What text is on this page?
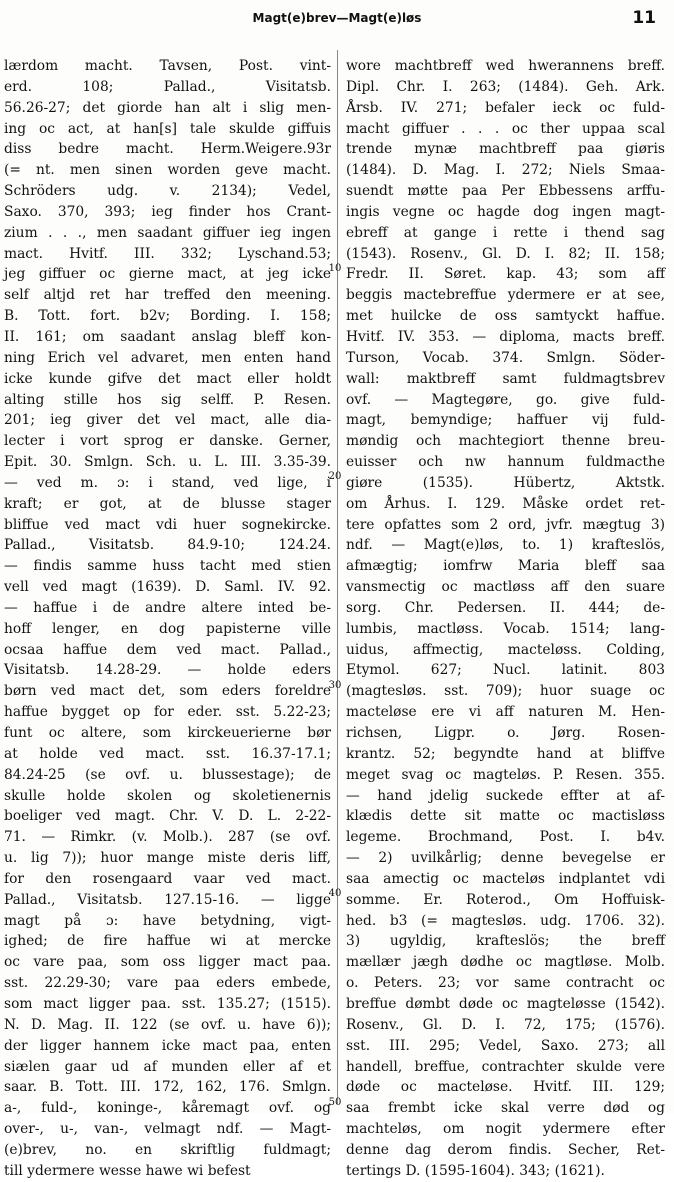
Magt(e)brev—Magt(e)løs	11
lærdom macht. Tavsen, Post. vint-
erd. 108; Pallad., Visitatsb.
56.26-27; det giorde han alt i slig men-
ing oc act, at han[s] tale skulde giffuis
diss bedre macht. Herm.Weigere.93r
(= nt. men sinen worden geve macht.
Schröders udg. v. 2134); Vedel,
Saxo. 370, 393; ieg finder hos Crant-
zium . . ., men saadant giffuer ieg ingen
mact. Hvitf. III. 332; Lyschand.53;
jeg giffuer oc gierne mact, at jeg icke
self altjd ret har treffed den meening.
B. Tott. fort. b2v; Bording. I. 158;
II. 161; om saadant anslag bleff kon-
ning Erich vel advaret, men enten hand
icke kunde gifve det mact eller holdt
alting stille hos sig selff. P. Resen.
201; ieg giver det vel mact, alle dia-
lecter i vort sprog er danske. Gerner,
Epit. 30. Smlgn. Sch. u. L. III. 3.35-39.
— ved m. ɔ: i stand, ved lige, i
kraft; er got, at de blusse stager
bliffue ved mact vdi huer sognekircke.
Pallad., Visitatsb. 84.9-10; 124.24.
— findis samme huss tacht med stien
vell ved magt (1639). D. Saml. IV. 92.
— haffue i de andre altere inted be-
hoff lenger, en dog papisterne ville
ocsaa haffue dem ved mact. Pallad.,
Visitatsb. 14.28-29. — holde eders
børn ved mact det, som eders foreldre
haffue bygget op for eder. sst. 5.22-23;
funt oc altere, som kirckeuerierne bør
at holde ved mact. sst. 16.37-17.1;
84.24-25 (se ovf. u. blussestage); de
skulle holde skolen og skoletienernis
boeliger ved magt. Chr. V. D. L. 2-22-
71. — Rimkr. (v. Molb.). 287 (se ovf.
u. lig 7)); huor mange miste deris liff,
for den rosengaard vaar ved mact.
Pallad., Visitatsb. 127.15-16. — ligge
magt på ɔ: have betydning, vigt-
ighed; de fire haffue wi at mercke
oc vare paa, som oss ligger mact paa.
sst. 22.29-30; vare paa eders embede,
som mact ligger paa. sst. 135.27; (1515).
N. D. Mag. II. 122 (se ovf. u. have 6));
der ligger hannem icke mact paa, enten
siælen gaar ud af munden eller af et
saar. B. Tott. III. 172, 162, 176. Smlgn.
a-, fuld-, koninge-, kåremagt ovf. og
over-, u-, van-, velmagt ndf. — Magt-
(e)brev, no. en skriftlig fuldmagt;
till ydermere wesse hawe wi befest
wore machtbreff wed hwerannens breff.
Dipl. Chr. I. 263; (1484). Geh. Ark.
Årsb. IV. 271; befaler ieck oc fuld-
macht giffuer . . . oc ther uppaa scal
trende mynæ machtbreff paa giøris
(1484). D. Mag. I. 272; Niels Smaa-
suendt møtte paa Per Ebbessens arffu-
ingis vegne oc hagde dog ingen magt-
ebreff at gange i rette i thend sag
(1543). Rosenv., Gl. D. I. 82; II. 158;
Fredr. II. Søret. kap. 43; som aff
beggis mactebreffue ydermere er at see,
met huilcke de oss samtyckt haffue.
Hvitf. IV. 353. — diploma, macts breff.
Turson, Vocab. 374. Smlgn. Söder-
wall: maktbreff samt fuldmagtsbrev
ovf. — Magtegøre, go. give fuld-
magt, bemyndige; haffuer vij fuld-
møndig och machtegiort thenne breu-
euisser och nw hannum fuldmacthe
giøre (1535). Hübertz, Aktstk.
om Århus. I. 129. Måske ordet ret-
tere opfattes som 2 ord, jvfr. mægtug 3)
ndf. — Magt(e)løs, to. 1) krafteslös,
afmægtig; iomfrw Maria bleff saa
vansmectig oc mactløss aff den suare
sorg. Chr. Pedersen. II. 444; de-
lumbis, mactløss. Vocab. 1514; lang-
uidus, affmectig, macteløss. Colding,
Etymol. 627; Nucl. latinit. 803
(magtesløs. sst. 709); huor suage oc
macteløse ere vi aff naturen M. Hen-
richsen, Ligpr. o. Jørg. Rosen-
krantz. 52; begyndte hand at bliffve
meget svag oc magteløs. P. Resen. 355.
— hand jdelig suckede effter at af-
klædis dette sit matte oc mactisløss
legeme. Brochmand, Post. I. b4v.
— 2) uvilkårlig; denne bevegelse er
saa amectig oc macteløs indplantet vdi
somme. Er. Roterod., Om Hoffuisk-
hed. b3 (= magtesløs. udg. 1706. 32).
3) ugyldig, krafteslös; the breff
mællær jægh dødhe oc magtløse. Molb.
o. Peters. 23; vor same contracht oc
breffue dømbt døde oc magteløsse (1542).
Rosenv., Gl. D. I. 72, 175; (1576).
sst. III. 295; Vedel, Saxo. 273; all
handell, breffue, contrachter skulde vere
døde oc macteløse. Hvitf. III. 129;
saa frembt icke skal verre død og
machteløs, om nogit ydermere efter
denne dag derom findis. Secher, Ret-
tertings D. (1595-1604). 343; (1621).
10
20
30
40
50
